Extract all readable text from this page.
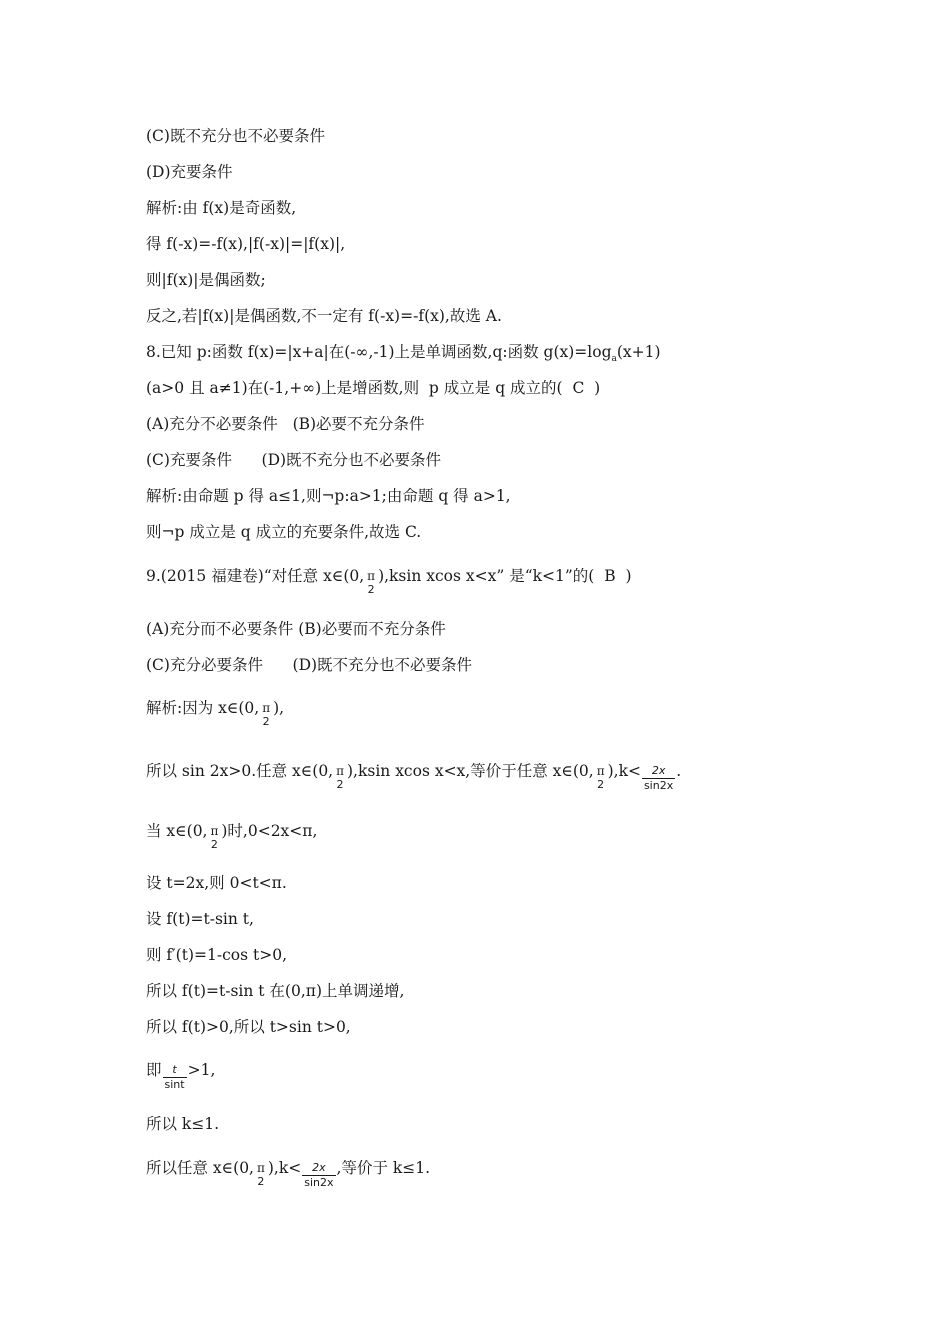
(C)既不充分也不必要条件

(D)充要条件

解析:由 f(x)是奇函数,

得 f(-x)=-f(x),|f(-x)|=|f(x)|,

则|f(x)|是偶函数;

反之,若|f(x)|是偶函数,不一定有 f(-x)=-f(x),故选 A.

8.已知 p:函数 f(x)=|x+a|在(-∞,-1)上是单调函数,q:函数 $g(x)=\log_a(x+1)$

(a>0 且 a≠1)在(-1,+∞)上是增函数,则  p 成立是 q 成立的(  C  )

(A)充分不必要条件   (B)必要不充分条件

(C)充要条件      (D)既不充分也不必要条件

解析:由命题 p 得 a≤1,则¬p:a>1;由命题 q 得 a>1,

则¬p 成立是 q 成立的充要条件,故选 C.

9.(2015 福建卷)“对任意 x∈(0, π
2
),ksin xcos x<x” 是“k<1”的(  B  )

(A)充分而不必要条件 (B)必要而不充分条件

(C)充分必要条件      (D)既不充分也不必要条件

解析:因为 x∈(0, π
2
),

所以 sin 2x>0.任意 x∈(0, π
2
),ksin xcos x<x,等价于任意 x∈(0, π
2
)$,k< \frac{2x}{\sin 2x}$ .

当 x∈(0, π
2
)时,0<2x<π,

设 t=2x,则 0<t<π.

设 f(t)=t-sin t,

则 f′(t)=1-cos t>0,

所以 f(t)=t-sin t 在(0,π)上单调递增,

所以 f(t)>0,所以 t>sin t>0,

即 $\frac{t}{\sin t} >1$,

所以 k≤1.

所以任意 x∈(0, π
2
)$,k< \frac{2x}{\sin 2x}$ ,等价于 k≤1.
